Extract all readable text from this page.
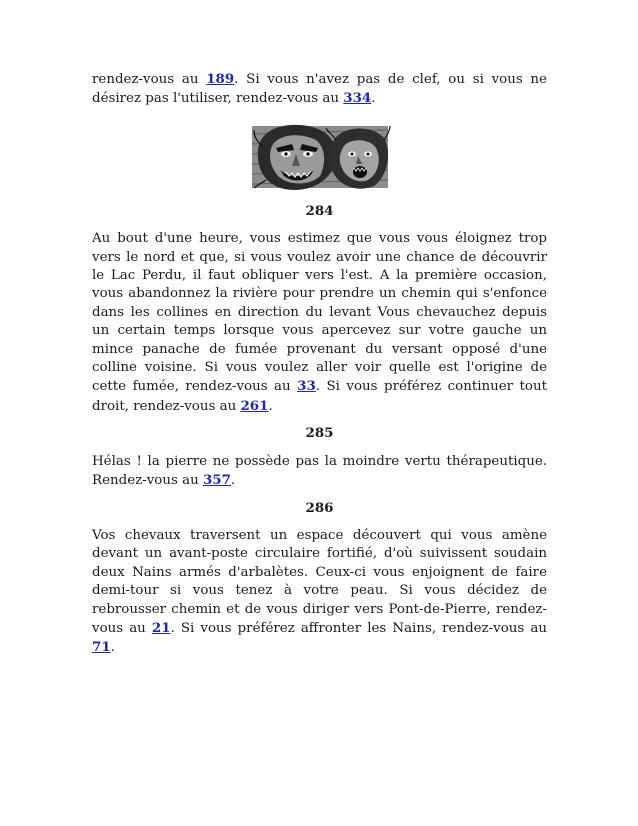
rendez-vous au 189. Si vous n'avez pas de clef, ou si vous ne désirez pas l'utiliser, rendez-vous au 334.

284

Au bout d'une heure, vous estimez que vous vous éloignez trop vers le nord et que, si vous voulez avoir une chance de découvrir le Lac Perdu, il faut obliquer vers l'est. A la première occasion, vous abandonnez la rivière pour prendre un chemin qui s'enfonce dans les collines en direction du levant Vous chevauchez depuis un certain temps lorsque vous apercevez sur votre gauche un mince panache de fumée provenant du versant opposé d'une colline voisine. Si vous voulez aller voir quelle est l'origine de cette fumée, rendez-vous au 33. Si vous préférez continuer tout droit, rendez-vous au 261.

285

Hélas ! la pierre ne possède pas la moindre vertu thérapeutique. Rendez-vous au 357.

286

Vos chevaux traversent un espace découvert qui vous amène devant un avant-poste circulaire fortifié, d'où suivissent soudain deux Nains armés d'arbalètes. Ceux-ci vous enjoignent de faire demi-tour si vous tenez à votre peau. Si vous décidez de rebrousser chemin et de vous diriger vers Pont-de-Pierre, rendez-vous au 21. Si vous préférez affronter les Nains, rendez-vous au 71.
